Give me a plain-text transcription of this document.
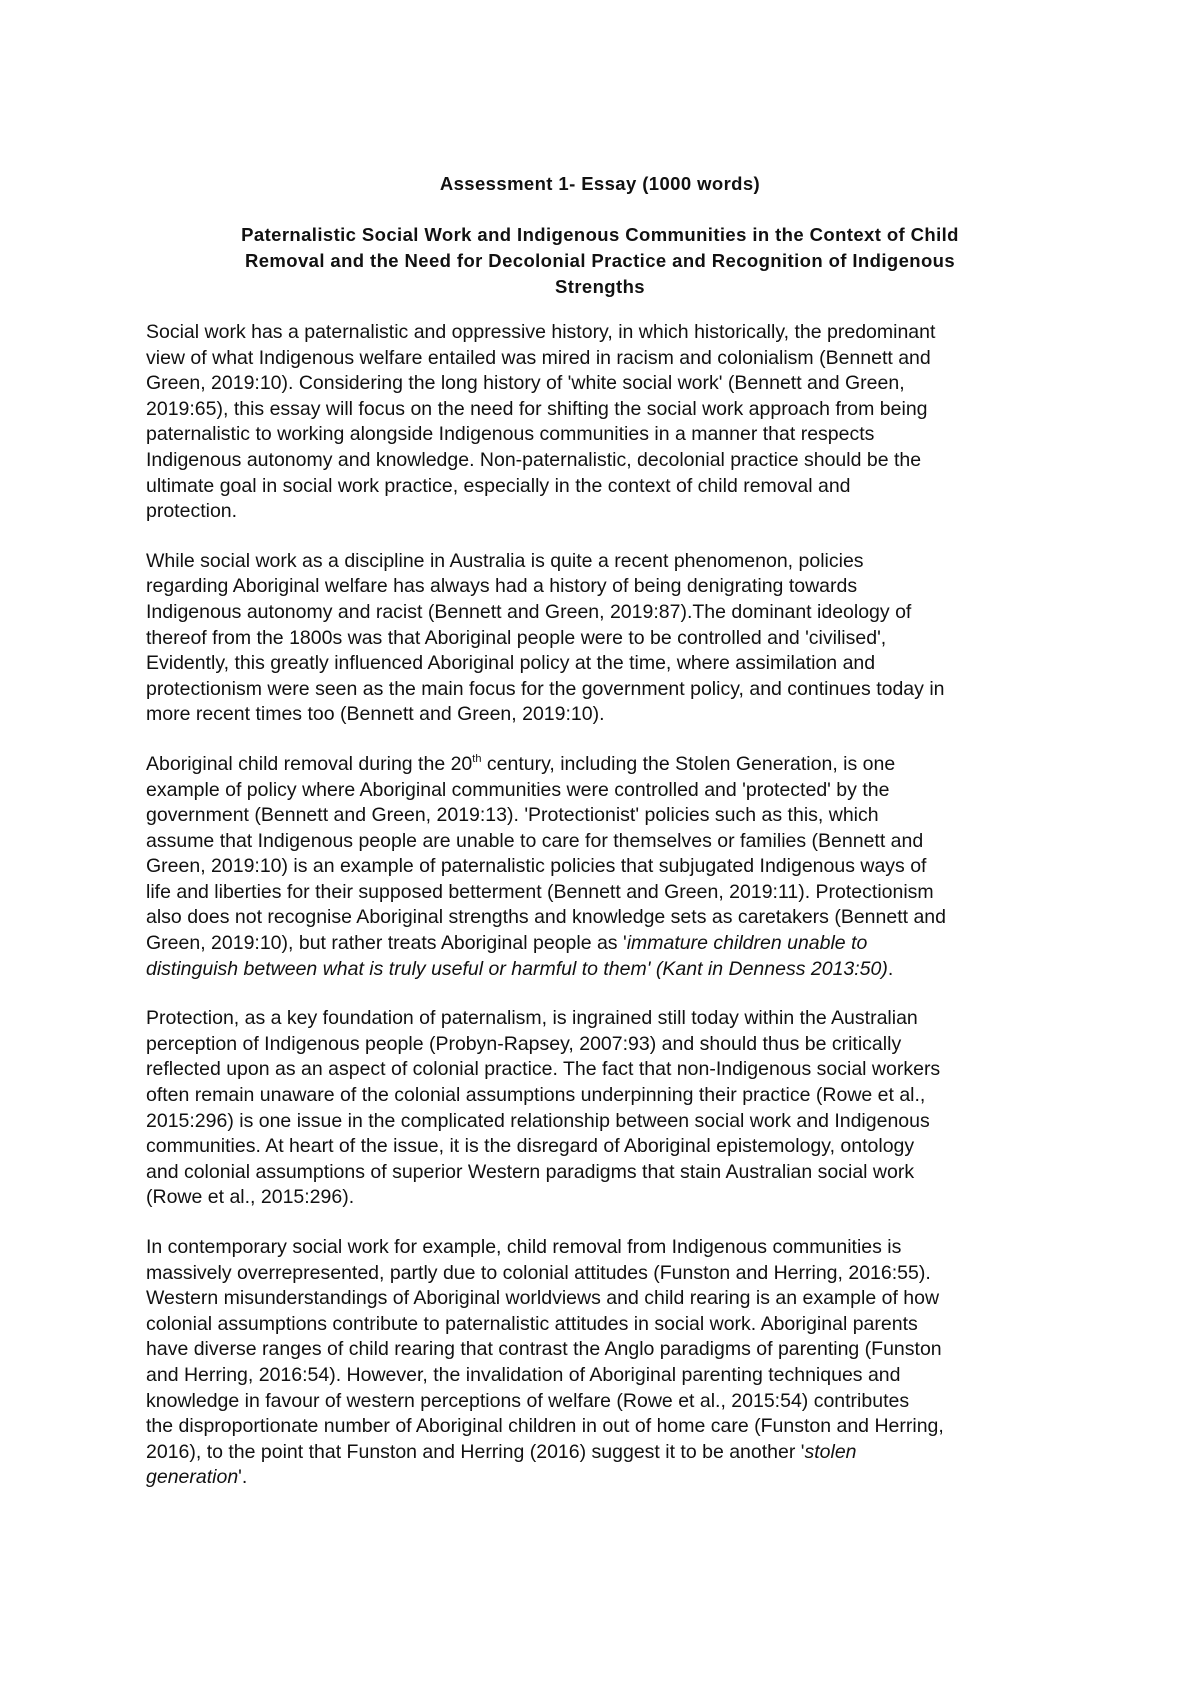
Assessment 1- Essay (1000 words)
Paternalistic Social Work and Indigenous Communities in the Context of Child
Removal and the Need for Decolonial Practice and Recognition of Indigenous
Strengths

Social work has a paternalistic and oppressive history, in which historically, the predominant
view of what Indigenous welfare entailed was mired in racism and colonialism (Bennett and
Green, 2019:10). Considering the long history of 'white social work' (Bennett and Green,
2019:65), this essay will focus on the need for shifting the social work approach from being
paternalistic to working alongside Indigenous communities in a manner that respects
Indigenous autonomy and knowledge. Non-paternalistic, decolonial practice should be the
ultimate goal in social work practice, especially in the context of child removal and
protection.

While social work as a discipline in Australia is quite a recent phenomenon, policies
regarding Aboriginal welfare has always had a history of being denigrating towards
Indigenous autonomy and racist (Bennett and Green, 2019:87).The dominant ideology of
thereof from the 1800s was that Aboriginal people were to be controlled and 'civilised',
Evidently, this greatly influenced Aboriginal policy at the time, where assimilation and
protectionism were seen as the main focus for the government policy, and continues today in
more recent times too (Bennett and Green, 2019:10).

Aboriginal child removal during the 20th century, including the Stolen Generation, is one
example of policy where Aboriginal communities were controlled and 'protected' by the
government (Bennett and Green, 2019:13). 'Protectionist' policies such as this, which
assume that Indigenous people are unable to care for themselves or families (Bennett and
Green, 2019:10) is an example of paternalistic policies that subjugated Indigenous ways of
life and liberties for their supposed betterment (Bennett and Green, 2019:11). Protectionism
also does not recognise Aboriginal strengths and knowledge sets as caretakers (Bennett and
Green, 2019:10), but rather treats Aboriginal people as 'immature children unable to
distinguish between what is truly useful or harmful to them' (Kant in Denness 2013:50).

Protection, as a key foundation of paternalism, is ingrained still today within the Australian
perception of Indigenous people (Probyn-Rapsey, 2007:93) and should thus be critically
reflected upon as an aspect of colonial practice. The fact that non-Indigenous social workers
often remain unaware of the colonial assumptions underpinning their practice (Rowe et al.,
2015:296) is one issue in the complicated relationship between social work and Indigenous
communities. At heart of the issue, it is the disregard of Aboriginal epistemology, ontology
and colonial assumptions of superior Western paradigms that stain Australian social work
(Rowe et al., 2015:296).

In contemporary social work for example, child removal from Indigenous communities is
massively overrepresented, partly due to colonial attitudes (Funston and Herring, 2016:55).
Western misunderstandings of Aboriginal worldviews and child rearing is an example of how
colonial assumptions contribute to paternalistic attitudes in social work. Aboriginal parents
have diverse ranges of child rearing that contrast the Anglo paradigms of parenting (Funston
and Herring, 2016:54). However, the invalidation of Aboriginal parenting techniques and
knowledge in favour of western perceptions of welfare (Rowe et al., 2015:54) contributes
the disproportionate number of Aboriginal children in out of home care (Funston and Herring,
2016), to the point that Funston and Herring (2016) suggest it to be another 'stolen
generation'.
